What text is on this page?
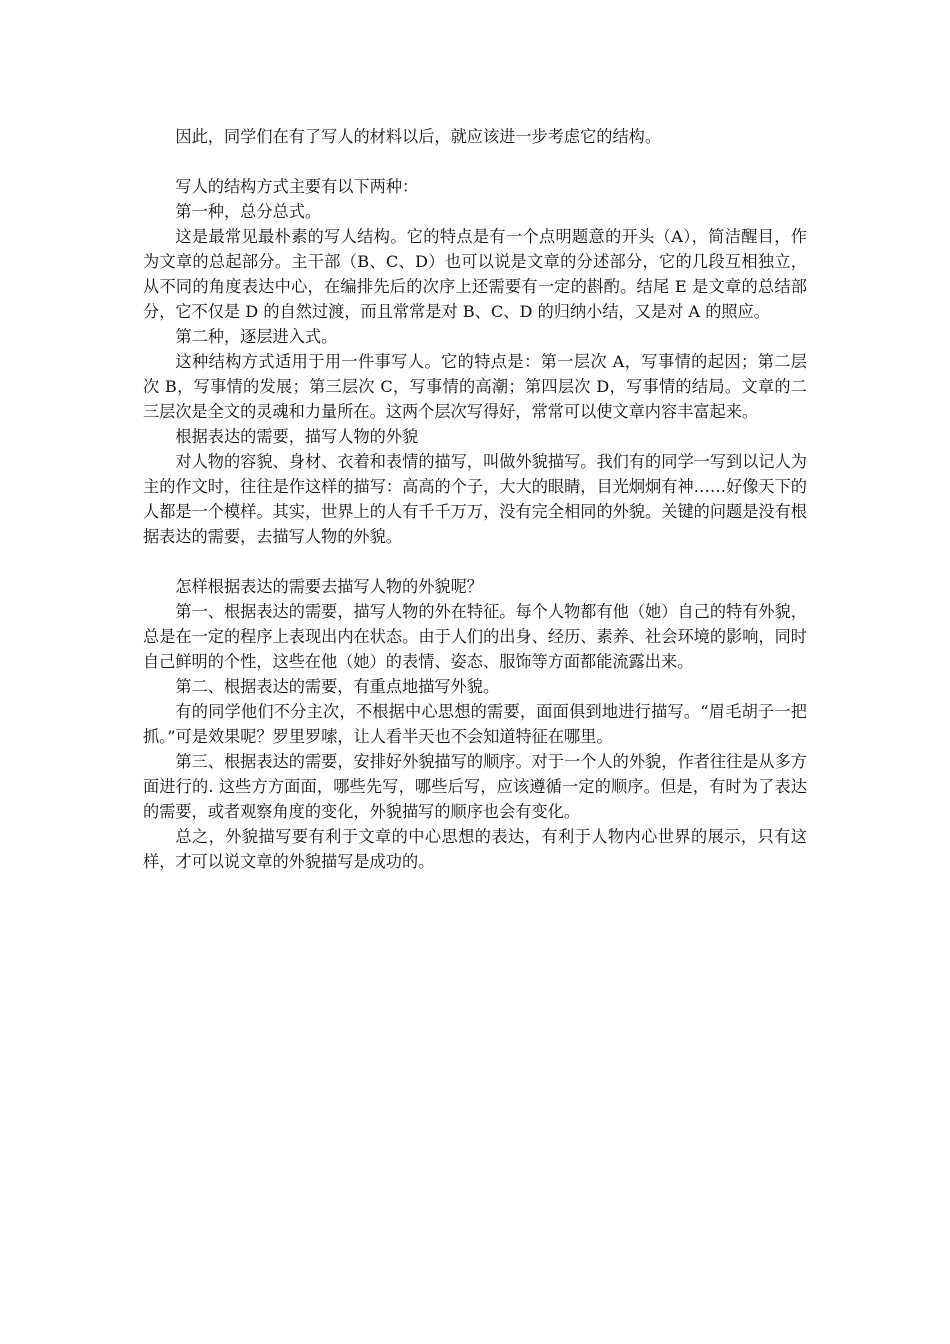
因此，同学们在有了写人的材料以后，就应该进一步考虑它的结构。

写人的结构方式主要有以下两种：

第一种，总分总式。

这是最常见最朴素的写人结构。它的特点是有一个点明题意的开头（A），简洁醒目，作为文章的总起部分。主干部（B、C、D）也可以说是文章的分述部分，它的几段互相独立，从不同的角度表达中心，在编排先后的次序上还需要有一定的斟酌。结尾 E 是文章的总结部分，它不仅是 D 的自然过渡，而且常常是对 B、C、D 的归纳小结，又是对 A 的照应。

第二种，逐层进入式。

这种结构方式适用于用一件事写人。它的特点是：第一层次 A，写事情的起因；第二层次 B，写事情的发展；第三层次 C，写事情的高潮；第四层次 D，写事情的结局。文章的二三层次是全文的灵魂和力量所在。这两个层次写得好，常常可以使文章内容丰富起来。

根据表达的需要，描写人物的外貌

对人物的容貌、身材、衣着和表情的描写，叫做外貌描写。我们有的同学一写到以记人为主的作文时，往往是作这样的描写：高高的个子，大大的眼睛，目光炯炯有神……好像天下的人都是一个模样。其实，世界上的人有千千万万，没有完全相同的外貌。关键的问题是没有根据表达的需要，去描写人物的外貌。

怎样根据表达的需要去描写人物的外貌呢？

第一、根据表达的需要，描写人物的外在特征。每个人物都有他（她）自己的特有外貌，总是在一定的程序上表现出内在状态。由于人们的出身、经历、素养、社会环境的影响，同时自己鲜明的个性，这些在他（她）的表情、姿态、服饰等方面都能流露出来。

第二、根据表达的需要，有重点地描写外貌。

有的同学他们不分主次，不根据中心思想的需要，面面俱到地进行描写。“眉毛胡子一把抓。”可是效果呢？罗里罗嗦，让人看半天也不会知道特征在哪里。

第三、根据表达的需要，安排好外貌描写的顺序。对于一个人的外貌，作者往往是从多方面进行的. 这些方方面面，哪些先写，哪些后写，应该遵循一定的顺序。但是，有时为了表达的需要，或者观察角度的变化，外貌描写的顺序也会有变化。

总之，外貌描写要有利于文章的中心思想的表达，有利于人物内心世界的展示，只有这样，才可以说文章的外貌描写是成功的。
